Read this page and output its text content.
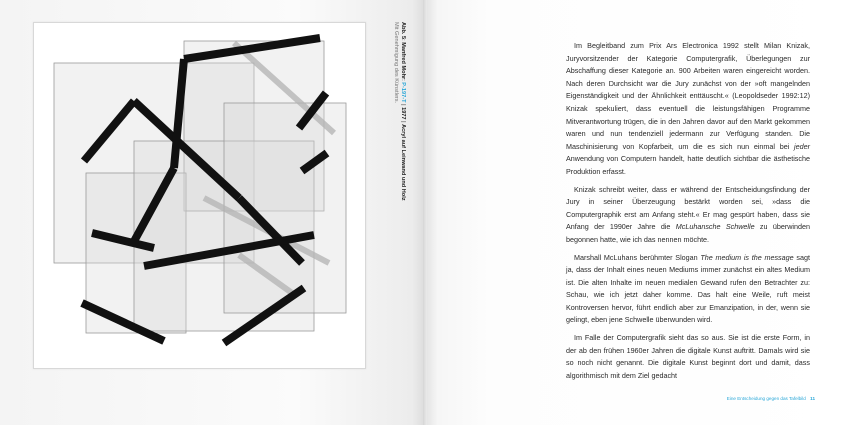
Abb. 5: Manfred Mohr: P-197-T | 1977 | Acryl auf Leinwand und Holz
Mit Genehmigung des Künstlers.	Im Begleitband zum Prix Ars Electronica 1992 stellt Milan Knizak, Juryvorsitzender der Kategorie Computergrafik, Überlegungen zur Abschaffung dieser Kategorie an. 900 Arbeiten waren eingereicht worden. Nach deren Durchsicht war die Jury zunächst von der »oft mangelnden Eigenständigkeit und der Ähnlichkeit enttäuscht.« (Leopoldseder 1992:12) Knizak spekuliert, dass eventuell die leistungsfähigen Programme Mitverantwortung trügen, die in den Jahren davor auf den Markt gekommen waren und nun tendenziell jedermann zur Verfügung standen. Die Maschinisierung von Kopfarbeit, um die es sich nun einmal bei jeder Anwendung von Computern handelt, hatte deutlich sichtbar die ästhetische Produktion erfasst.

Knizak schreibt weiter, dass er während der Entscheidungsfindung der Jury in seiner Überzeugung bestärkt worden sei, »dass die Computergraphik erst am Anfang steht.« Er mag gespürt haben, dass sie Anfang der 1990er Jahre die McLuhansche Schwelle zu überwinden begonnen hatte, wie ich das nennen möchte.

Marshall McLuhans berühmter Slogan The medium is the message sagt ja, dass der Inhalt eines neuen Mediums immer zunächst ein altes Medium ist. Die alten Inhalte im neuen medialen Gewand rufen den Betrachter zu: Schau, wie ich jetzt daher komme. Das halt eine Weile, ruft meist Kontroversen hervor, führt endlich aber zur Emanzipation, in der, wenn sie gelingt, eben jene Schwelle überwunden wird.

Im Falle der Computergrafik sieht das so aus. Sie ist die erste Form, in der ab den frühen 1960er Jahren die digitale Kunst auftritt. Damals wird sie so noch nicht genannt. Die digitale Kunst beginnt dort und damit, dass algorithmisch mit dem Ziel gedacht

Eine Entscheidung gegen das Tafelbild 11
